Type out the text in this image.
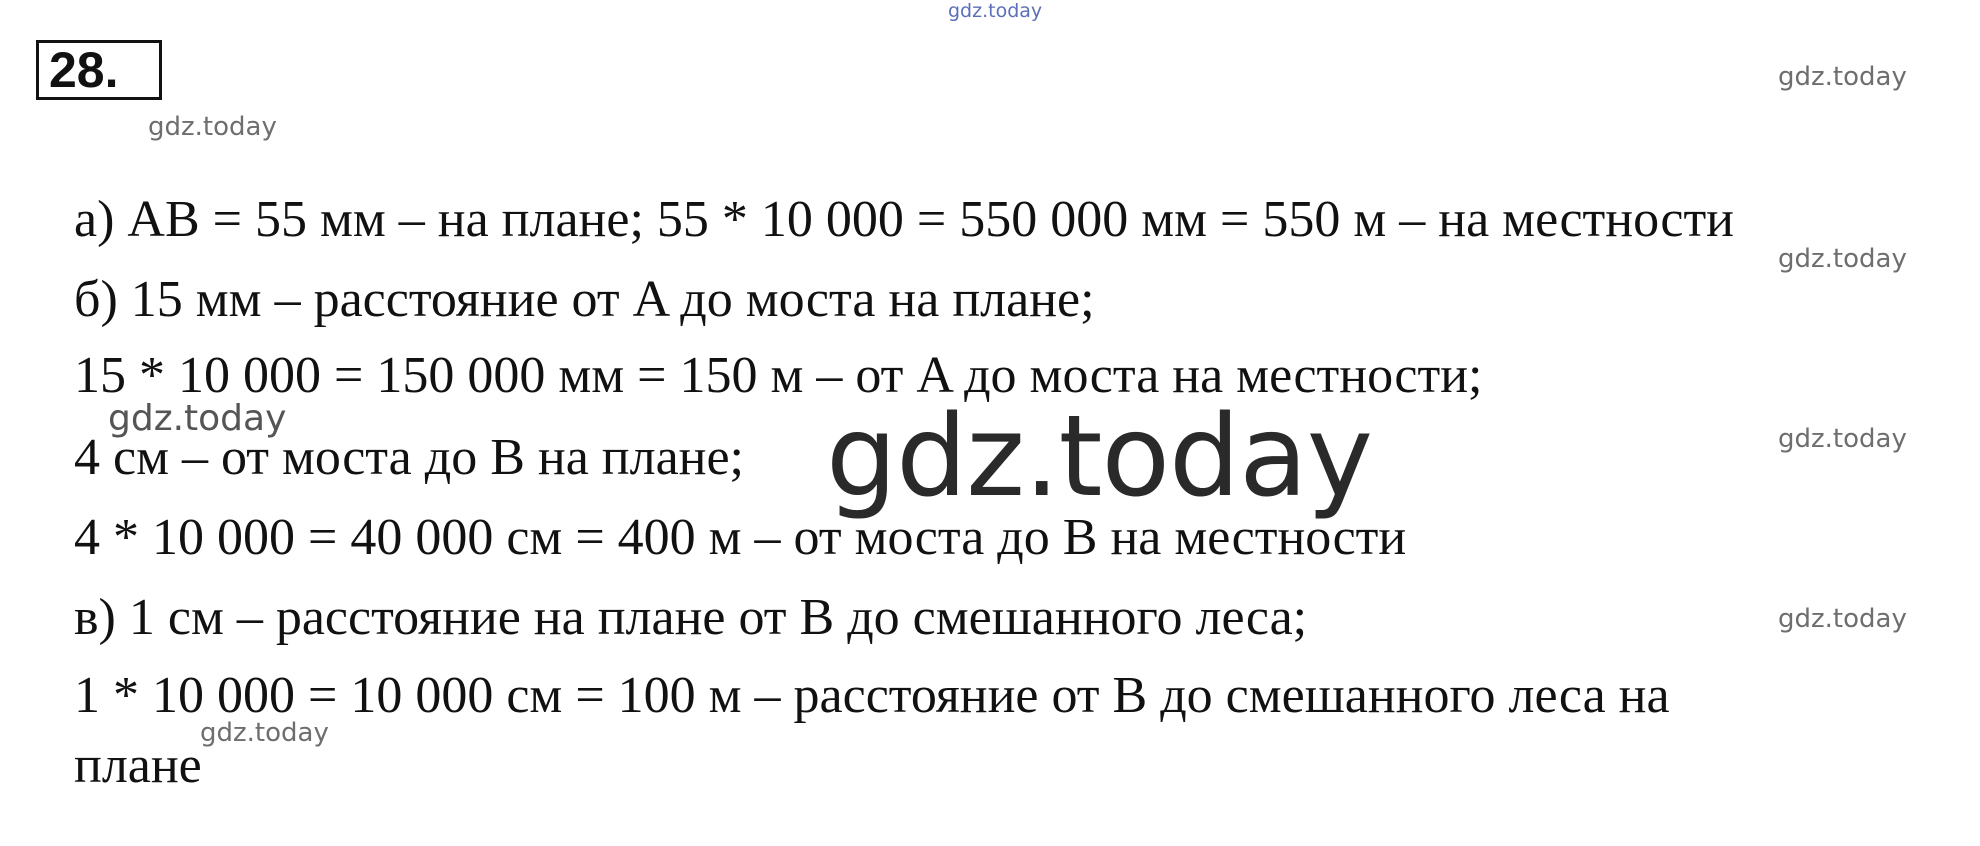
gdz.today
28.	gdz.today
gdz.today
а) AB = 55 мм – на плане; 55 * 10 000 = 550 000 мм = 550 м – на местности
gdz.today
б) 15 мм – расстояние от A до моста на плане;
15 * 10 000 = 150 000 мм = 150 м – от A до моста на местности;
gdz.today
4 см – от моста до B на плане; gdz.today	gdz.today
4 * 10 000 = 40 000 см = 400 м – от моста до B на местности
в) 1 см – расстояние на плане от B до смешанного леса;	gdz.today
1 * 10 000 = 10 000 см = 100 м – расстояние от B до смешанного леса на
gdz.today
плане
